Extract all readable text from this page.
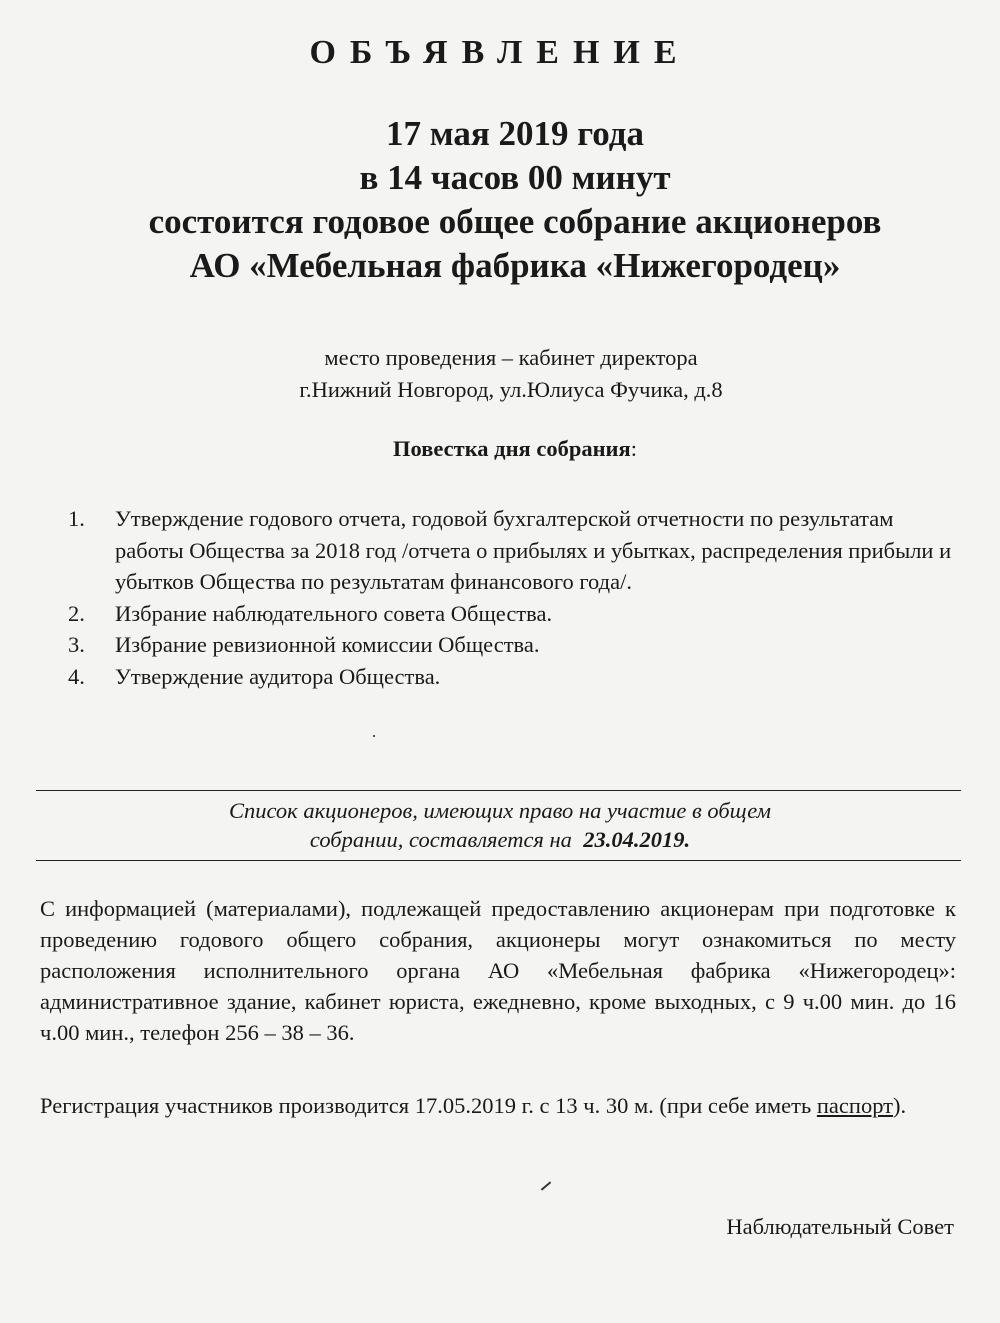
ОБЪЯВЛЕНИЕ
17 мая 2019 года
в 14 часов 00 минут
состоится годовое общее собрание акционеров
АО «Мебельная фабрика «Нижегородец»
место проведения – кабинет директора
г.Нижний Новгород, ул.Юлиуса Фучика, д.8
Повестка дня собрания:
1.	Утверждение годового отчета, годовой бухгалтерской отчетности по результатам работы Общества за 2018 год /отчета о прибылях и убытках, распределения прибыли и убытков Общества по результатам финансового года/.
2.	Избрание наблюдательного совета Общества.
3.	Избрание ревизионной комиссии Общества.
4.	Утверждение аудитора Общества.
Список акционеров, имеющих право на участие в общем
собрании, составляется на 23.04.2019.

С информацией (материалами), подлежащей предоставлению акционерам при подготовке к проведению годового общего собрания, акционеры могут ознакомиться по месту расположения исполнительного органа АО «Мебельная фабрика «Нижегородец»: административное здание, кабинет юриста, ежедневно, кроме выходных, с 9 ч.00 мин. до 16 ч.00 мин., телефон 256 – 38 – 36.

Регистрация участников производится 17.05.2019 г. с 13 ч. 30 м. (при себе иметь паспорт).

Наблюдательный Совет
